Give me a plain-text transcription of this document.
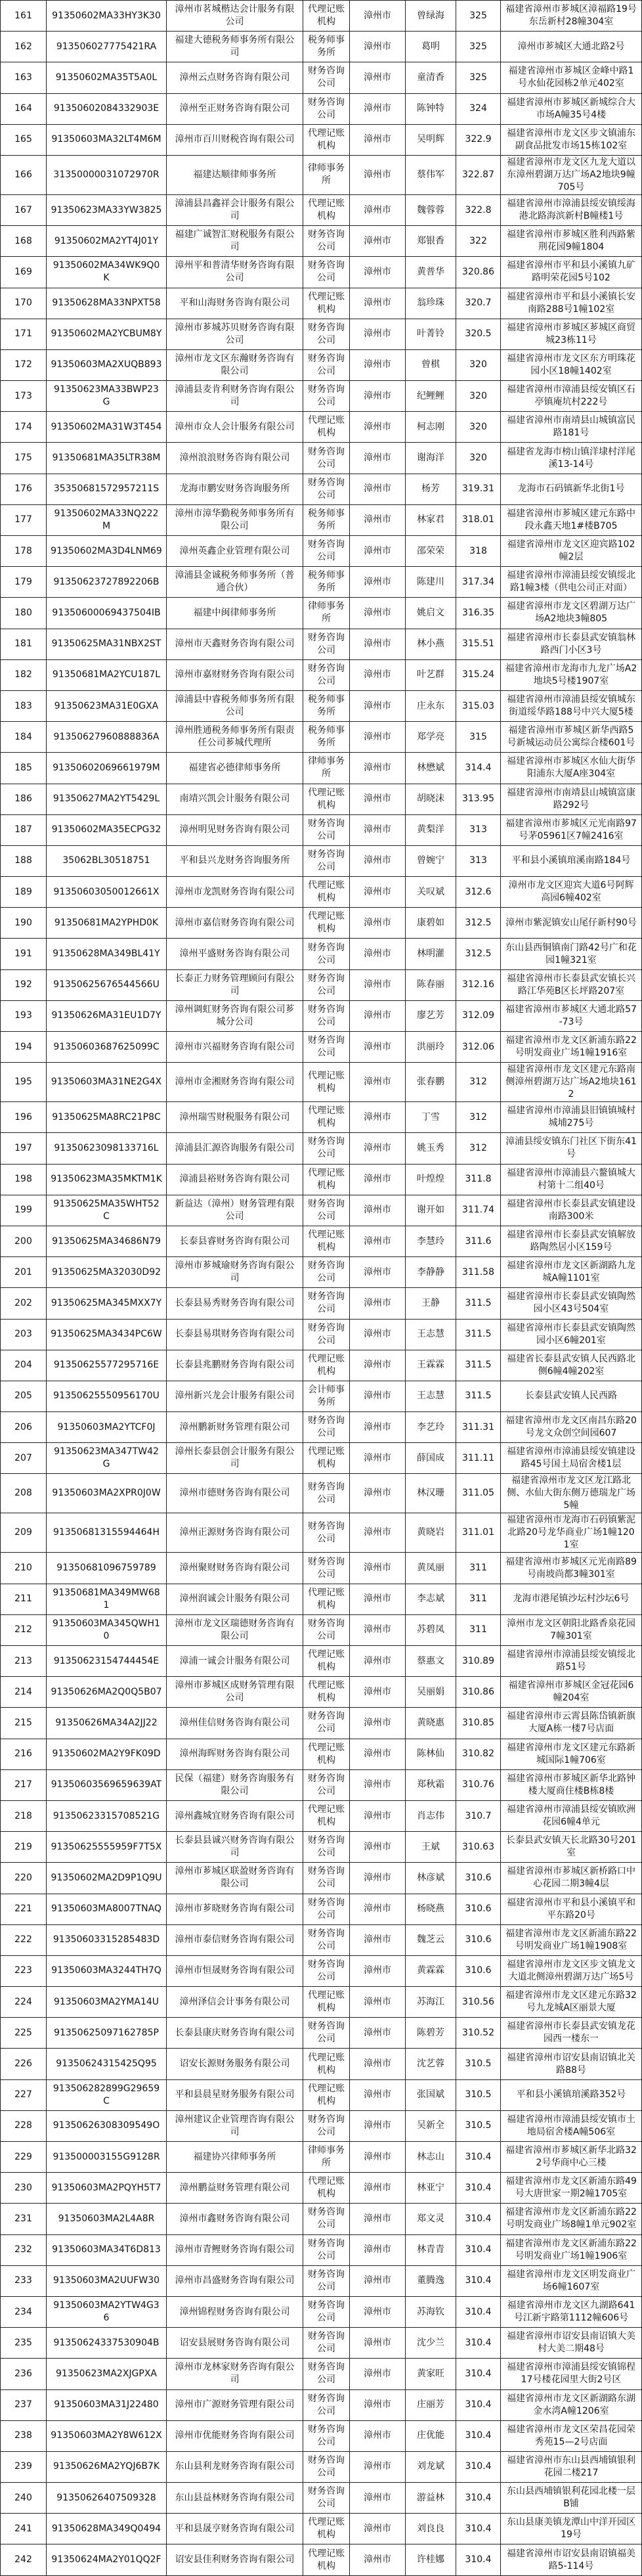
161	91350602MA33HY3K30	漳州市茗城楷达会计服务有限公司	代理记账机构	漳州市	曾绿海	325	福建省漳州市芗城区漳福路19号东岳新村28幢304室
162	913506027775421RA	福建大德税务师事务所有限公司	税务师事务所	漳州市	葛明	325	漳州市芗城区大通北路2号
163	91350602MA35T5A0L	漳州云点财务咨询有限公司	财务咨询公司	漳州市	童清香	325	福建省漳州市芗城区金峰中路1号水仙花园栋2单元402室
164	91350602084332903E	漳州至正财务咨询有限公司	财务咨询公司	漳州市	陈钟特	324	福建省漳州市芗城区新城综合大市场A幢35号4楼
165	91350603MA32LT4M6M	漳州市百川财税咨询有限公司	代理记账机构	漳州市	吴明辉	322.9	福建省漳州市龙文区步文镇浦东副食品批发市场15栋102室
166	31350000031072970R	福建达顺律师事务所	律师事务所	漳州市	蔡伟军	322.87	福建省漳州市龙文区九龙大道以东漳州碧湖万达广场A2地块9幢705号
167	91350623MA33YW3825	漳浦县昌鑫祥会计服务有限公司	代理记账机构	漳州市	魏蓉蓉	322.8	福建省漳州市漳浦县绥安镇绥海港北路海滨新村B幢楼1号
168	91350602MA2YT4J01Y	福建广诚智汇财税服务有限公司	财务咨询公司	漳州市	郑银香	322	福建省漳州市芗城区胜利西路紫荆花园9幢1804
169	91350602MA34WK9Q0K	漳州平和普清华财务咨询有限公司	财务咨询公司	漳州市	黄普华	320.86	福建省漳州市平和县小溪镇九矿路明荣花园5号102
170	91350628MA33NPXT58	平和山海财务咨询有限公司	代理记账机构	漳州市	翁珍珠	320.7	福建省漳州市平和县小溪镇长安南路288号1幢102室
171	91350602MA2YCBUM8Y	漳州市芗城苏贝财务咨询有限公司	财务咨询公司	漳州市	叶菁铃	320.5	福建省漳州市芗城区芗城区商贸城23栋11号
172	91350603MA2XUQB893	漳州市龙文区东瀚财务咨询有限公司	财务咨询公司	漳州市	曾棋	320	福建省漳州市龙文区东方明珠花园小区18幢1402室
173	91350623MA33BWP23G	漳浦县麦肯利财务咨询有限公司	财务咨询公司	漳州市	纪鲤鲤	320	福建省漳州市漳浦县绥安镇区石亭镇庵坑村222号
174	91350602MA31W3T454	漳州市众人会计服务有限公司	代理记账机构	漳州市	柯志刚	320	福建省漳州市南靖县山城镇富民路181号
175	91350681MA35LTR38M	漳州浪浪财务咨询有限公司	财务咨询公司	漳州市	谢海洋	320	福建省龙海市榜山镇洋埭村洋尾溪13-14号
176	35350681572957211S	龙海市鹏安财务咨询服务所	财务咨询公司	漳州市	杨芳	319.31	龙海市石码镇新华北街1号
177	91350602MA33NQ222M	漳州市漳华勤税务师事务所有限公司	税务师事务所	漳州市	林家君	318.01	福建省漳州市芗城区建元东路中段永鑫天地1#楼B705
178	91350602MA3D4LNM69	漳州英鑫企业管理有限公司	财务咨询公司	漳州市	邵荣荣	318	福建省漳州市龙文区迎宾路102幢2层
179	91350623727892206B	漳浦县金诚税务师事务所（普通合伙）	税务师事务所	漳州市	陈建川	317.34	福建省漳州市漳浦县绥安镇绥北路1幢3楼（供电公司正对面）
180	91350600069437504IB	福建中闽律师事务所	律师事务所	漳州市	姚启文	316.35	福建省漳州市龙文区碧湖万达广场A2地块3幢805
181	91350625MA31NBX2ST	漳州市天鑫财务咨询有限公司	财务咨询公司	漳州市	林小燕	315.51	福建省漳州市长泰县武安镇翁林路西门小区3号
182	91350681MA2YCU187L	漳州市嘉财财务咨询有限公司	财务咨询公司	漳州市	叶艺群	315.24	福建省漳州市龙海市九龙广场A2地块5号楼1907室
183	91350623MA31E0GXA	漳浦县中睿税务师事务所有限公司	税务师事务所	漳州市	庄永东	315.03	福建省漳州市漳浦县绥安镇城东街道绥华路188号中兴大厦5楼
184	91350627960888836A	漳州胜通税务师事务所有限责任公司芗城代理所	税务师事务所	漳州市	郑学亮	315	福建省漳州市芗城区新华西路5号新城运动员公寓综合楼601号
185	91350602069661979M	福建省必德律师事务所	律师事务所	漳州市	林懋斌	314.4	福建省漳州市芗城区水仙大街华阳浦东大厦A座304室
186	91350627MA2YT5429L	南靖兴凯会计服务有限公司	代理记账机构	漳州市	胡晓沫	313.95	福建省漳州市南靖县山城镇富康路292号
187	91350602MA35ECPG32	漳州明见财务咨询有限公司	财务咨询公司	漳州市	黄梨洋	313	福建省漳州市芗城区元光南路97号茅05961区7幢2416室
188	35062BL30518751	平和县兴龙财务咨询服务所	财务咨询公司	漳州市	曾婉宁	313	平和县小溪镇琯溪南路184号
189	91350603050012661X	漳州市龙凯财务咨询有限公司	代理记账机构	漳州市	关叹斌	312.6	漳州市龙文区迎宾大道6号阿辉高园6幢402室
190	91350681MA2YPHD0K	漳州市嘉信财务咨询有限公司	代理记账机构	漳州市	康碧如	312.5	漳州市紫泥镇安山尾仔新村90号
191	91350628MA349BL41Y	漳州平盛财务咨询有限公司	财务咨询公司	漳州市	林明灌	312.5	东山县西铜镇南门路42号广和花园1幢321室
192	91350625676544566U	长泰正力财务管理顾问有限公司	财务咨询公司	漳州市	陈春丽	312.16	福建省漳州市长泰县武安镇长兴路江华苑B区长坪路207室
193	91350626MA31EU1D7Y	漳州调虹财务咨询有限公司芗城分公司	财务咨询公司	漳州市	廖艺芳	312.09	福建省漳州市芗城区大通北路57-73号
194	91350603687625099C	漳州市兴福财务咨询有限公司	财务咨询公司	漳州市	洪丽玲	312.06	福建省漳州市龙文区新浦东路22号明发商业广场1幢1916室
195	91350603MA31NE2G4X	漳州市金湘财务咨询有限公司	代理记账机构	漳州市	张春鹏	312	福建省漳州市龙文区建元东路南侧漳州碧湖万达广场A2地块1612
196	91350625MA8RC21P8C	漳州瑞雪财税服务有限公司	代理记账机构	漳州市	丁雪	312	福建省漳州市漳浦县旧镇镇城村城埔275号
197	91350623098133716L	漳浦县汇源咨询服务有限公司	财务咨询公司	漳州市	姚玉秀	312	漳浦县绥安镇东门社区下街东41号
198	91350623MA35MKTM1K	漳浦县裕财务咨询有限公司	代理记账机构	漳州市	叶煌煌	311.8	福建省漳州市漳浦县六鳌镇城大村第十二组40号
199	91350625MA35WHT52C	新益达（漳州）财务管理有限公司	财务咨询公司	漳州市	谢开如	311.74	福建省漳州市长泰县武安镇建设南路300米
200	91350625MA34686N79	长泰县睿财务咨询有限公司	代理记账机构	漳州市	李慧玲	311.6	福建省漳州市长泰县武安镇解放路陶然居小区159号
201	91350625MA32030D92	漳州市芗城瑜财务咨询有限公司	财务咨询公司	漳州市	李静静	311.58	福建省漳州市龙文区新湖路九龙城A幢1101室
202	91350625MA345MXX7Y	长泰县易秀财务咨询有限公司	财务咨询公司	漳州市	王静	311.5	福建省漳州市长泰县武安镇陶然园小区43号504室
203	91350625MA3434PC6W	长泰县易琪财务咨询有限公司	财务咨询公司	漳州市	王志慧	311.5	福建省漳州市长泰县武安镇陶然园小区6幢201室
204	91350625577295716E	长泰县兆鹏财务咨询有限公司	代理记账机构	漳州市	王霖霖	311.5	福建省长泰县武安镇人民西路北侧6幢4幢202室
205	91350625550956170U	漳州新兴龙会计服务有限公司	会计师事务所	漳州市	王志慧	311.5	长泰县武安镇人民西路
206	91350603MA2YTCF0J	漳州鹏新财务管理有限公司	财务咨询公司	漳州市	李艺玲	311.31	福建省漳州市龙文区南昌东路20号龙文众创空间园607
207	91350623MA347TW42G	漳州长泰县创会计服务有限公司	代理记账机构	漳州市	薛国成	311.11	福建省漳州市漳浦县绥安镇建设路45号国土局宿舍楼1层
208	91350603MA2XPR0J0W	漳州市德财务咨询有限公司	财务咨询公司	漳州市	林汉珊	311.05	福建省漳州市龙文区龙江路北侧、水仙大街东侧万德瑞龙广场5幢
209	91350681315594464H	漳州正源财务咨询有限公司	财务咨询公司	漳州市	黄晓岩	311.01	福建省漳州市龙海市石码镇紫泥北路20号龙华商业广场1幢1201室
210	91350681096759789	漳州聚财财务咨询有限公司	财务咨询公司	漳州市	黄凤丽	311	福建省漳州市芗城区元光南路89号南坡尚都3幢301室
211	91350681MA349MW681	漳州润诚会计服务有限公司	代理记账机构	漳州市	李志斌	311	龙海市港尾镇沙坛村沙坛6号
212	91350603MA345QWH10	漳州市龙文区瑞德财务咨询有限公司	财务咨询公司	漳州市	苏碧凤	311	漳州市龙文区朝阳北路香泉花园7幢301室
213	91350623154744454E	漳浦一诚会计服务有限公司	代理记账机构	漳州市	蔡惠文	310.89	福建省漳州市漳浦县绥安镇绥北路51号
214	91350626MA2Q0Q5B07	漳州市芗城区成财务管理有限公司	代理记账机构	漳州市	吴丽娟	310.86	福建省漳州市芗城区金冠花园6幢204室
215	91350626MA34A2JJ22	漳州佳信财务咨询有限公司	财务咨询公司	漳州市	黄晓惠	310.85	福建省漳州市云霄县陈岱镇新旗大厦A栋一楼7号店面
216	91350602MA2Y9FK09D	漳州海晖财务咨询有限公司	代理记账机构	漳州市	陈林仙	310.82	福建省漳州市龙文区建元东路新城国际1幢706室
217	91350603569659639AT	民保（福建）财务咨询服务有限公司	财务咨询公司	漳州市	郑秋霜	310.76	福建省漳州市芗城区新华北路钟楼大厦商住楼B栋8楼
218	91350623315708521G	漳州鑫城宜财务咨询有限公司	代理记账机构	漳州市	肖志伟	310.7	福建省漳州市漳浦县绥安镇欧洲花园6幢4单元
219	91350625555959F7T5X	长泰县县诚兴财务咨询有限公司	财务咨询公司	漳州市	王斌	310.63	长泰县武安镇天长北路30号201室
220	91350602MA2D9P1Q9U	漳州市芗城区联盈财务咨询有限公司	财务咨询公司	漳州市	林彦斌	310.6	福建省漳州市芗城区新桥路口中心花园二期3幢4层
221	91350603MA8007TNAQ	漳州市芗晓财务咨询有限公司	财务咨询公司	漳州市	杨晓燕	310.6	福建省漳州市平和县小溪镇平和平东路20号
222	91350603315285483D	漳州市泰信财务咨询有限公司	财务咨询公司	漳州市	魏芝云	310.6	福建省漳州市龙文区新浦东路22号明发商业广场1幢1908室
223	91350603MA3244TH7Q	漳州市恒晟财务咨询有限公司	财务咨询公司	漳州市	黄霖霖	310.6	福建省漳州市龙文区步文镇龙文大道北侧漳州碧湖万达广场5号
224	91350603MA2YMA14U	漳州泽信会计事务有限公司	代理记账机构	漳州市	苏海江	310.56	福建省漳州市龙文区建元东路32号九龙城A区丽景大厦
225	91350625097162785P	长泰县康庆财务咨询有限公司	财务咨询公司	漳州市	陈碧芳	310.52	福建省漳州市长泰县武安镇龙花园西一楼东一
226	91350624315425Q95	诏安长源财务服务有限公司	代理记账机构	漳州市	沈艺蓉	310.5	福建省漳州市诏安县南诏镇北关路88号
227	913506282899G29659C	平和县晨星财务服务有限公司	代理记账机构	漳州市	张国斌	310.5	平和县小溪镇琯溪路352号
228	91350626308309549O	漳州建议企业管理咨询有限公司	财务咨询公司	漳州市	吴新全	310.5	福建省漳州市漳浦县绥安镇市土地局宿舍楼A幢506室
229	913500003155G9128R	福建协兴律师事务所	律师事务所	漳州市	林志山	310.4	福建省漳州市芗城区新华北路322号华商中心三楼
230	91350603MA2PQYH5T7	漳州鹏益财务管理有限公司	代理记账机构	漳州市	林亚宁	310.4	福建省漳州市龙文区新浦东路49号大唐世家一期2幢1705室
231	91350603MA2L4A8R	漳州市鑫财务咨询有限公司	财务咨询公司	漳州市	郑文灵	310.4	福建省漳州市龙文区新浦东路22号明发商业广场8幢1单元902室
232	91350603MA34T6D813	漳州市青鲤财务咨询有限公司	财务咨询公司	漳州市	林青青	310.4	福建省漳州市龙文区新浦东路22号明发商业广场1幢1906室
233	91350603MA2UUFW30	漳州市昌盛财务咨询有限公司	财务咨询公司	漳州市	董腾逸	310.4	福建省漳州市龙文区明发商业广场6幢1607室
234	91350603MA2YTW4G36	漳州锦程财务咨询有限公司	财务咨询公司	漳州市	苏海钦	310.4	福建省漳州市龙文区九湖路641号江新宇路第1112幢606号
235	91350624337530904B	诏安县展财务咨询有限公司	财务咨询公司	漳州市	沈少兰	310.4	福建省漳州市诏安县南诏镇大美村大美二期48号
236	91350623MA2XJGPXA	漳州市龙林家财务咨询有限公司	财务咨询公司	漳州市	黄家旺	310.4	福建省漳州市漳浦县绥安镇锦程17号楼花园里大街2号区
237	91350603MA31J22480	漳州市广源财务管理有限公司	财务咨询公司	漳州市	庄丽芳	310.4	福建省漳州市龙文区新湖路东湖金水湾A幢1206室
238	91350603MA2Y8W612X	漳州市优能财务咨询有限公司	财务咨询公司	漳州市	庄优能	310.4	福建省漳州市龙文区荣昌花园荣秀苑15—2号店面
239	91350626MA2YQJ6B7K	东山县利龙财务咨询有限公司	财务咨询公司	漳州市	刘龙斌	310.4	福建省漳州市东山县西埔镇银利花园二楼217
240	91350626407509328	东山县益林财务咨询有限公司	财务咨询公司	漳州市	游益林	310.4	东山县西埔镇银利花园北楼一层B铺
241	91350628MA349Q0494	平和县晟亨财务咨询有限公司	代理记账机构	漳州市	刘良良	310.4	东山县康美镇龙潭山中洋开园区19号
242	91350624MA2Y01QQ2F	诏安县佳利财务咨询有限公司	代理记账机构	漳州市	许桂娜	310.4	福建省漳州市诏安县南诏镇福美路5-114号
